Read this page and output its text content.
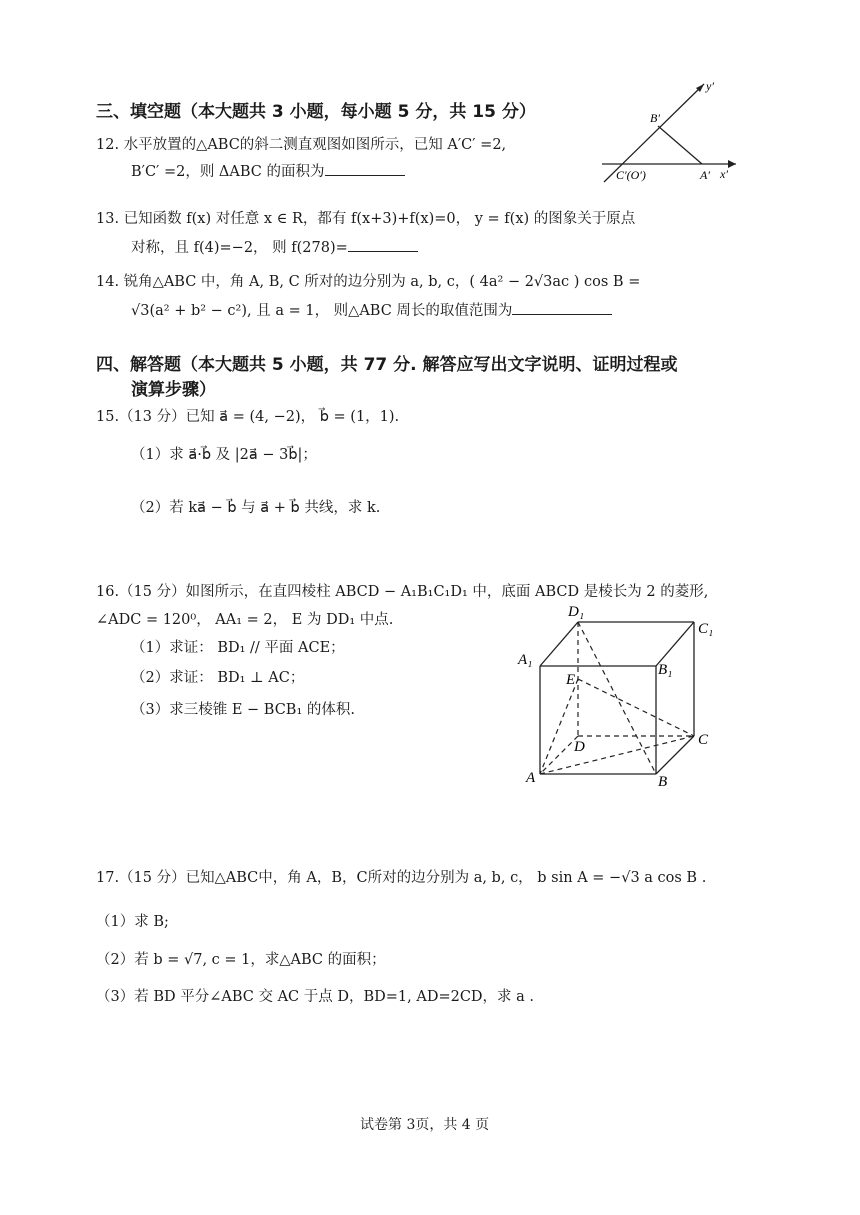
三、填空题（本大题共 3 小题，每小题 5 分，共 15 分）
12. 水平放置的△ABC的斜二测直观图如图所示，已知 A′C′ =2,
B′C′ =2，则 ΔABC 的面积为
y′
x′
B′
C′(O′)	A′
13. 已知函数 f(x) 对任意 x ∈ R，都有 f(x+3)+f(x)=0， y = f(x) 的图象关于原点
对称，且 f(4)=−2， 则 f(278)=
14. 锐角△ABC 中，角 A, B, C 所对的边分别为 a, b, c，( 4a² − 2√3ac ) cos B =
√3(a² + b² − c²), 且 a = 1， 则△ABC 周长的取值范围为
四、解答题（本大题共 5 小题，共 77 分. 解答应写出文字说明、证明过程或
演算步骤）
15.（13 分）已知 a⃗ = (4, −2)， b⃗ = (1，1).
（1）求 a⃗·b⃗ 及 |2a⃗ − 3b⃗|；
（2）若 ka⃗ − b⃗ 与 a⃗ + b⃗ 共线，求 k.
16.（15 分）如图所示，在直四棱柱 ABCD − A₁B₁C₁D₁ 中，底面 ABCD 是棱长为 2 的菱形,
∠ADC = 120⁰， AA₁ = 2， E 为 DD₁ 中点.
（1）求证： BD₁ // 平面 ACE；
（2）求证： BD₁ ⊥ AC；
（3）求三棱锥 E − BCB₁ 的体积.
D₁
C₁
A₁
B₁
E
D	C
A	B
17.（15 分）已知△ABC中，角 A，B，C所对的边分别为 a, b, c， b sin A = −√3 a cos B .
（1）求 B;
（2）若 b = √7, c = 1，求△ABC 的面积；
（3）若 BD 平分∠ABC 交 AC 于点 D，BD=1, AD=2CD，求 a .
试卷第 3页，共 4 页
